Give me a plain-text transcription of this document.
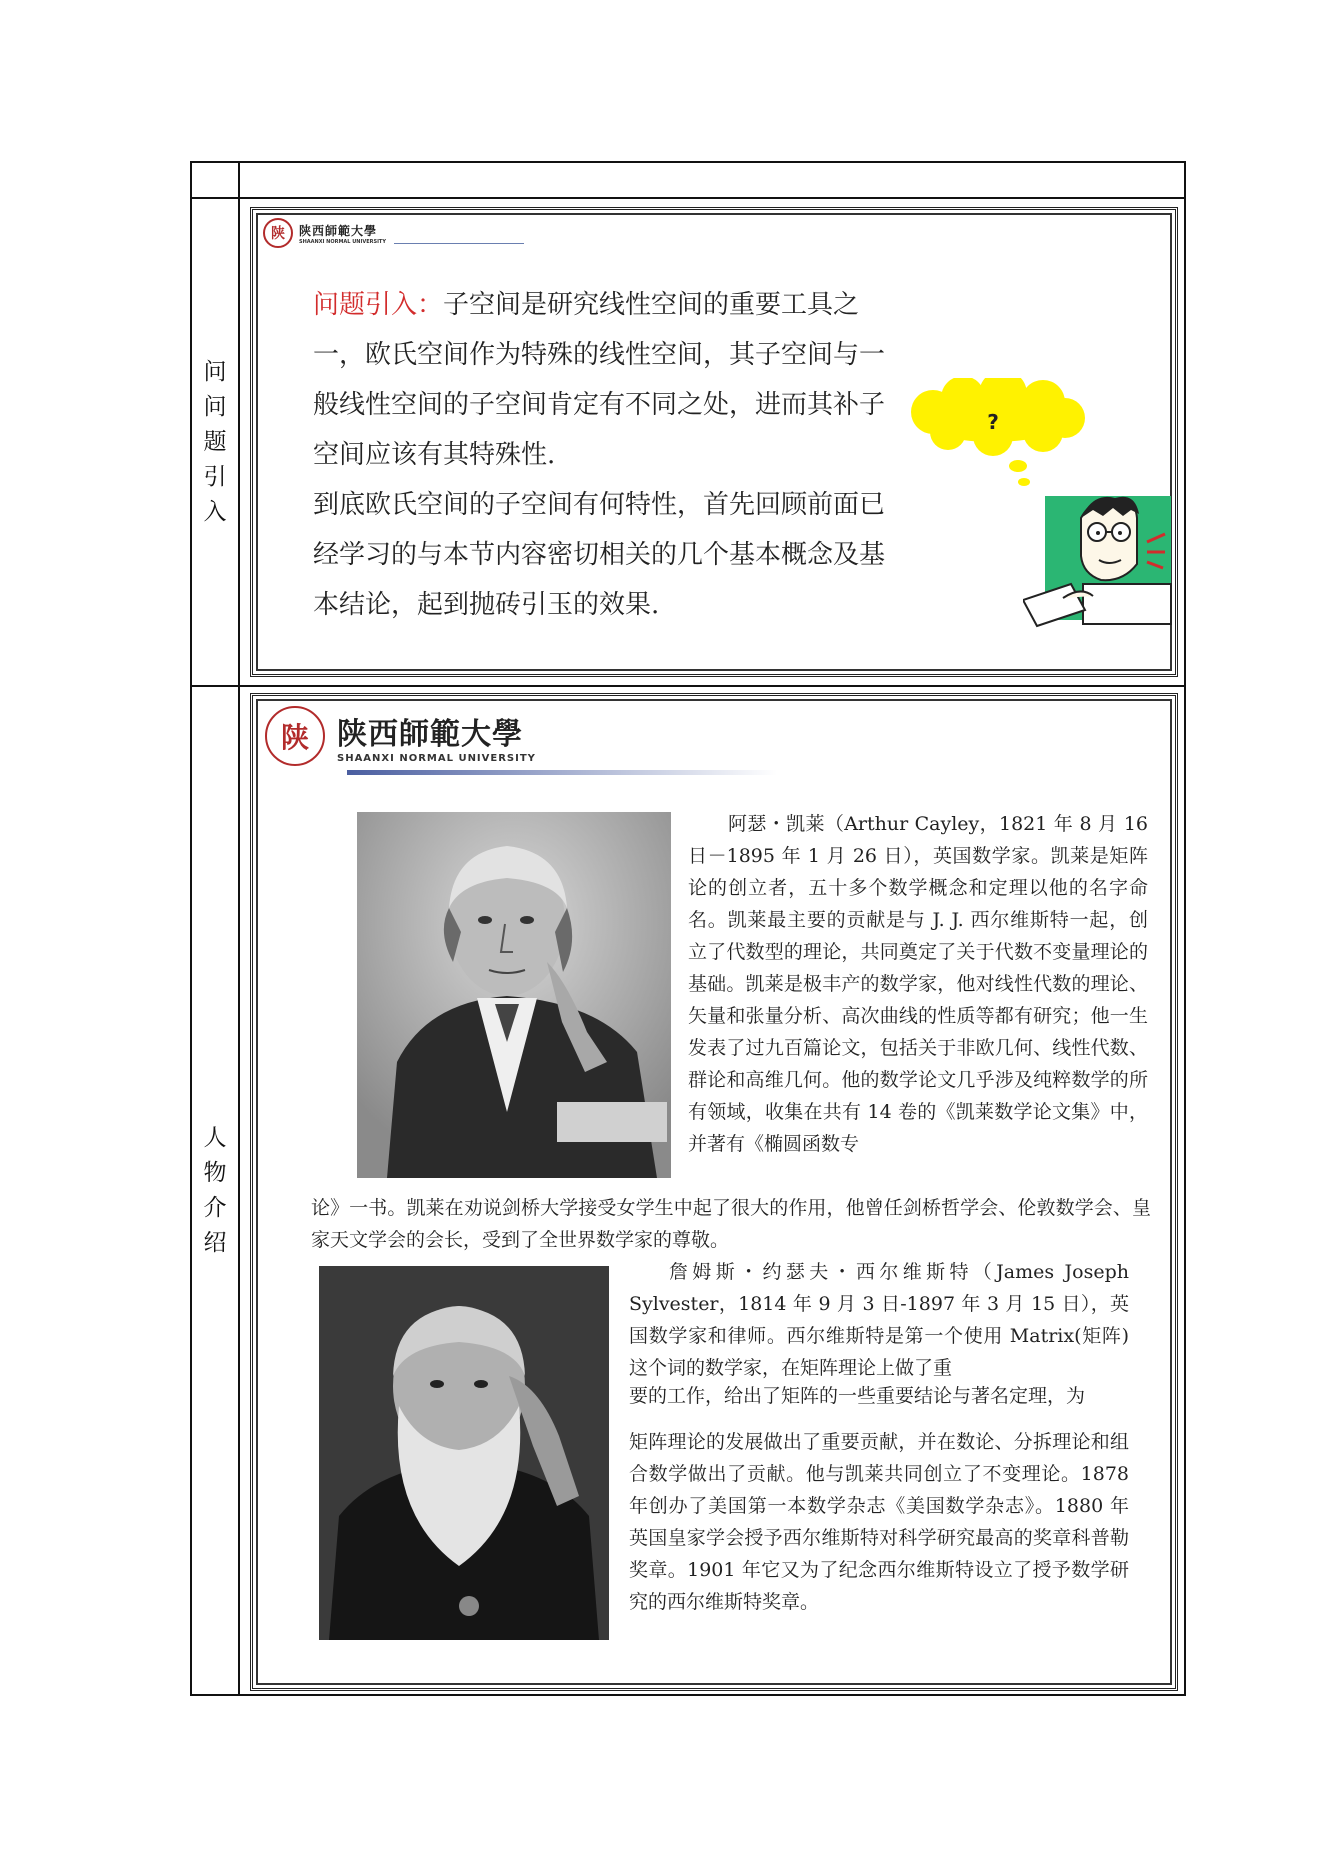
问问题引入
人物介绍
陕	陕西師範大學
SHAANXI NORMAL UNIVERSITY
问题引入：子空间是研究线性空间的重要工具之一，欧氏空间作为特殊的线性空间，其子空间与一般线性空间的子空间肯定有不同之处，进而其补子空间应该有其特殊性.
到底欧氏空间的子空间有何特性，首先回顾前面已经学习的与本节内容密切相关的几个基本概念及基本结论，起到抛砖引玉的效果.
?
陕 陕西師範大學
SHAANXI NORMAL UNIVERSITY
阿瑟・凯莱（Arthur Cayley，1821 年 8 月 16 日－1895 年 1 月 26 日），英国数学家。凯莱是矩阵论的创立者，五十多个数学概念和定理以他的名字命名。凯莱最主要的贡献是与 J. J. 西尔维斯特一起，创立了代数型的理论，共同奠定了关于代数不变量理论的基础。凯莱是极丰产的数学家，他对线性代数的理论、矢量和张量分析、高次曲线的性质等都有研究；他一生发表了过九百篇论文，包括关于非欧几何、线性代数、群论和高维几何。他的数学论文几乎涉及纯粹数学的所有领域，收集在共有 14 卷的《凯莱数学论文集》中，并著有《椭圆函数专
论》一书。凯莱在劝说剑桥大学接受女学生中起了很大的作用，他曾任剑桥哲学会、伦敦数学会、皇家天文学会的会长，受到了全世界数学家的尊敬。
詹姆斯・约瑟夫・西尔维斯特（James Joseph Sylvester，1814 年 9 月 3 日-1897 年 3 月 15 日），英国数学家和律师。西尔维斯特是第一个使用 Matrix(矩阵)这个词的数学家，在矩阵理论上做了重
要的工作，给出了矩阵的一些重要结论与著名定理，为
矩阵理论的发展做出了重要贡献，并在数论、分拆理论和组合数学做出了贡献。他与凯莱共同创立了不变理论。1878 年创办了美国第一本数学杂志《美国数学杂志》。1880 年英国皇家学会授予西尔维斯特对科学研究最高的奖章科普勒奖章。1901 年它又为了纪念西尔维斯特设立了授予数学研究的西尔维斯特奖章。
